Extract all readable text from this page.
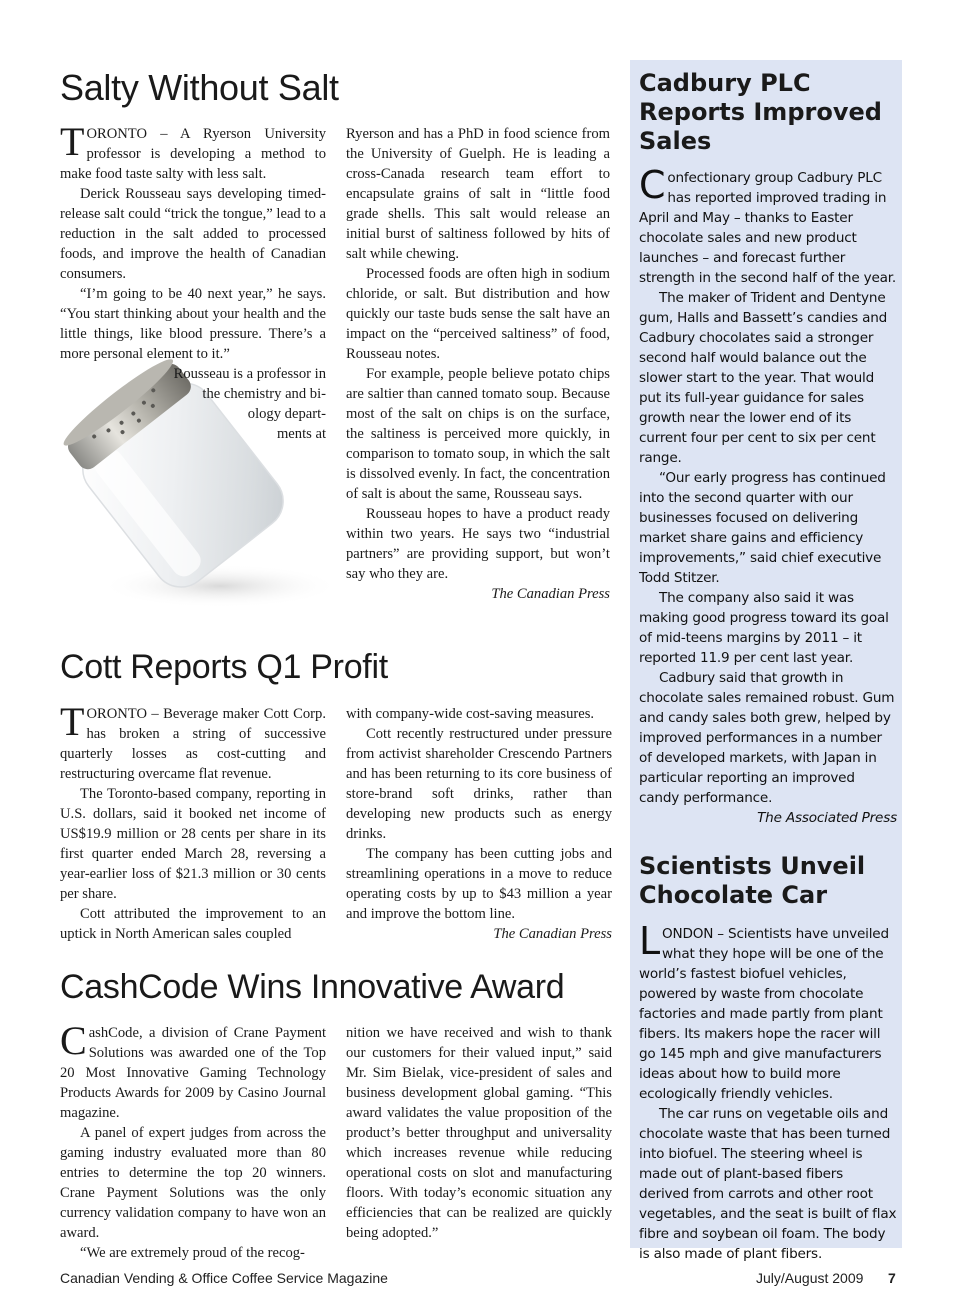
Salty Without Salt

TORONTO – A Ryerson University professor is developing a method to make food taste salty with less salt.

Derick Rousseau says developing timed-release salt could “trick the tongue,” lead to a reduction in the salt added to processed foods, and improve the health of Canadian consumers.

“I’m going to be 40 next year,” he says. “You start thinking about your health and the little things, like blood pressure. There’s a more personal element to it.”

Rousseau is a professor in
the chemistry and bi-
ology depart-
ments at

Ryerson and has a PhD in food science from the University of Guelph. He is leading a cross-Canada research team effort to encapsulate grains of salt in “little food grade shells. This salt would release an initial burst of saltiness followed by hits of salt while chewing.

Processed foods are often high in sodium chloride, or salt. But distribution and how quickly our taste buds sense the salt have an impact on the “perceived saltiness” of food, Rousseau notes.

For example, people believe potato chips are saltier than canned tomato soup. Because most of the salt on chips is on the surface, the saltiness is perceived more quickly, in comparison to tomato soup, in which the salt is dissolved evenly. In fact, the concentration of salt is about the same, Rousseau says.

Rousseau hopes to have a product ready within two years. He says two “industrial partners” are providing support, but won’t say who they are.

The Canadian Press

Cott Reports Q1 Profit

TORONTO – Beverage maker Cott Corp. has broken a string of successive quarterly losses as cost-cutting and restructuring overcame flat revenue.

The Toronto-based company, reporting in U.S. dollars, said it booked net income of US$19.9 million or 28 cents per share in its first quarter ended March 28, reversing a year-earlier loss of $21.3 million or 30 cents per share.

Cott attributed the improvement to an uptick in North American sales coupled

with company-wide cost-saving measures.

Cott recently restructured under pressure from activist shareholder Crescendo Partners and has been returning to its core business of store-brand soft drinks, rather than developing new products such as energy drinks.

The company has been cutting jobs and streamlining operations in a move to reduce operating costs by up to $43 million a year and improve the bottom line.

The Canadian Press

CashCode Wins Innovative Award

CashCode, a division of Crane Payment Solutions was awarded one of the Top 20 Most Innovative Gaming Technology Products Awards for 2009 by Casino Journal magazine.

A panel of expert judges from across the gaming industry evaluated more than 80 entries to determine the top 20 winners. Crane Payment Solutions was the only currency validation company to have won an award.

“We are extremely proud of the recog-

nition we have received and wish to thank our customers for their valued input,” said Mr. Sim Bielak, vice-president of sales and business development global gaming. “This award validates the value proposition of the product’s better throughput and universality which increases revenue while reducing operational costs on slot and manufacturing floors. With today’s economic situation any efficiencies that can be realized are quickly being adopted.”

Cadbury PLC Reports Improved Sales

Confectionary group Cadbury PLC has reported improved trading in April and May – thanks to Easter chocolate sales and new product launches – and forecast further strength in the second half of the year.

The maker of Trident and Dentyne gum, Halls and Bassett’s candies and Cadbury chocolates said a stronger second half would balance out the slower start to the year. That would put its full-year guidance for sales growth near the lower end of its current four per cent to six per cent range.

“Our early progress has continued into the second quarter with our businesses focused on delivering market share gains and efficiency improvements,” said chief executive Todd Stitzer.

The company also said it was making good progress toward its goal of mid-teens margins by 2011 – it reported 11.9 per cent last year.

Cadbury said that growth in chocolate sales remained robust. Gum and candy sales both grew, helped by improved performances in a number of developed markets, with Japan in particular reporting an improved candy performance.

The Associated Press

Scientists Unveil Chocolate Car

LONDON – Scientists have unveiled what they hope will be one of the world’s fastest biofuel vehicles, powered by waste from chocolate factories and made partly from plant fibers. Its makers hope the racer will go 145 mph and give manufacturers ideas about how to build more ecologically friendly vehicles.

The car runs on vegetable oils and chocolate waste that has been turned into biofuel. The steering wheel is made out of plant-based fibers derived from carrots and other root vegetables, and the seat is built of flax fibre and soybean oil foam. The body is also made of plant fibers.

Canadian Vending & Office Coffee Service Magazine	July/August 2009 7
